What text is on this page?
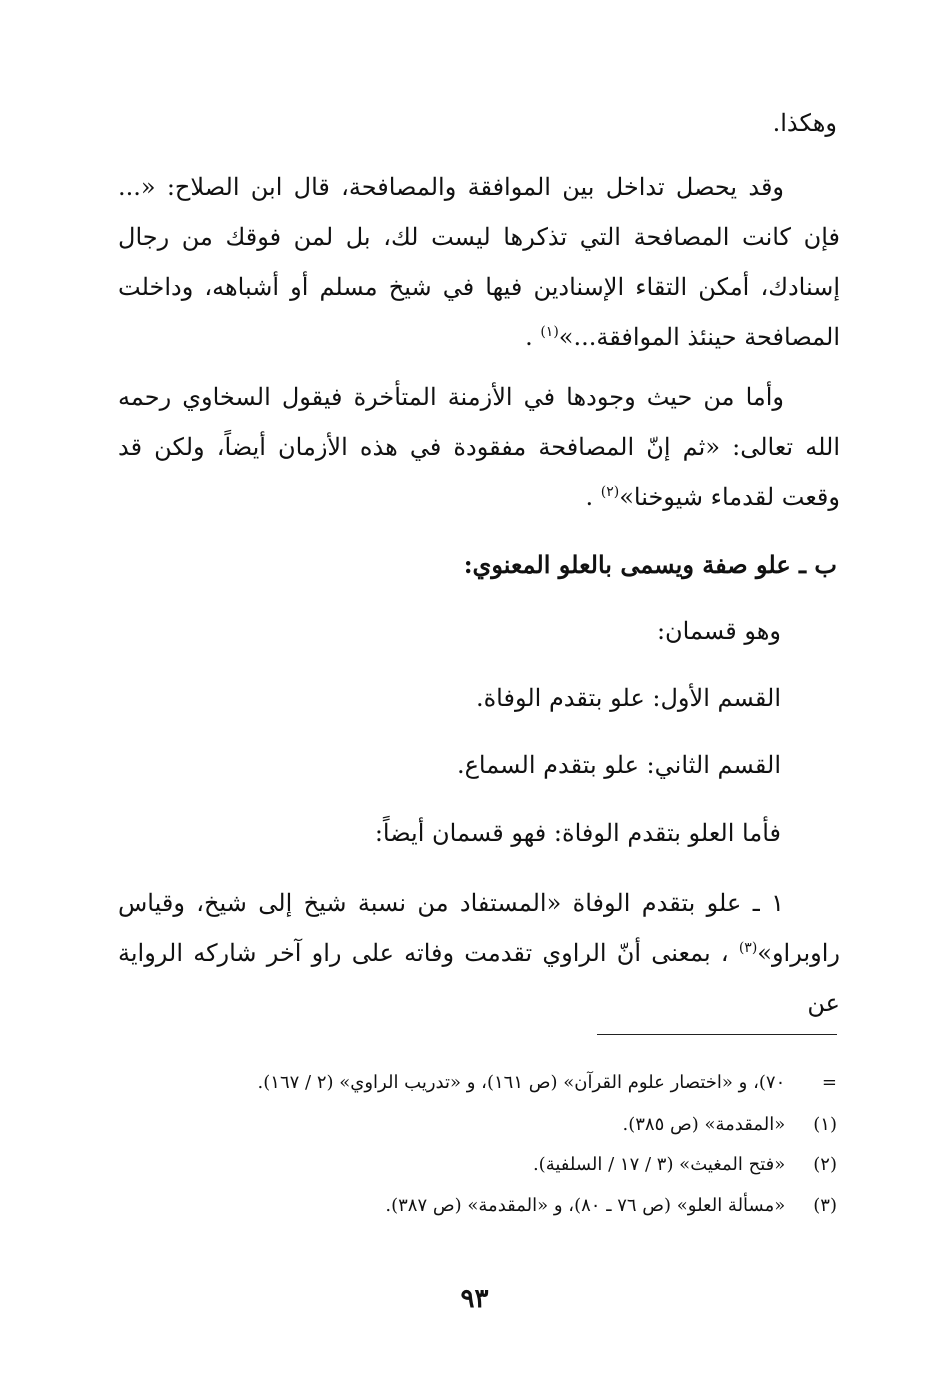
وهكذا.
وقد يحصل تداخل بين الموافقة والمصافحة، قال ابن الصلاح: «... فإن كانت المصافحة التي تذكرها ليست لك، بل لمن فوقك من رجال إسنادك، أمكن التقاء الإسنادين فيها في شيخ مسلم أو أشباهه، وداخلت المصافحة حينئذ الموافقة...»$^{(١)}$ .
وأما من حيث وجودها في الأزمنة المتأخرة فيقول السخاوي رحمه الله تعالى: «ثم إنّ المصافحة مفقودة في هذه الأزمان أيضاً، ولكن قد وقعت لقدماء شيوخنا»$^{(٢)}$ .
ب ـ علو صفة ويسمى بالعلو المعنوي:
وهو قسمان:
القسم الأول: علو بتقدم الوفاة.
القسم الثاني: علو بتقدم السماع.
فأما العلو بتقدم الوفاة: فهو قسمان أيضاً:
١ ـ علو بتقدم الوفاة «المستفاد من نسبة شيخ إلى شيخ، وقياس راوبراو»$^{(٣)}$ ، بمعنى أنّ الراوي تقدمت وفاته على راو آخر شاركه الرواية عن
= ٧٠)، و «اختصار علوم القرآن» (ص ١٦١)، و «تدريب الراوي» (٢ / ١٦٧).
(١) «المقدمة» (ص ٣٨٥).
(٢) «فتح المغيث» (٣ / ١٧ / السلفية).
(٣) «مسألة العلو» (ص ٧٦ ـ ٨٠)، و «المقدمة» (ص ٣٨٧).
٩٣
